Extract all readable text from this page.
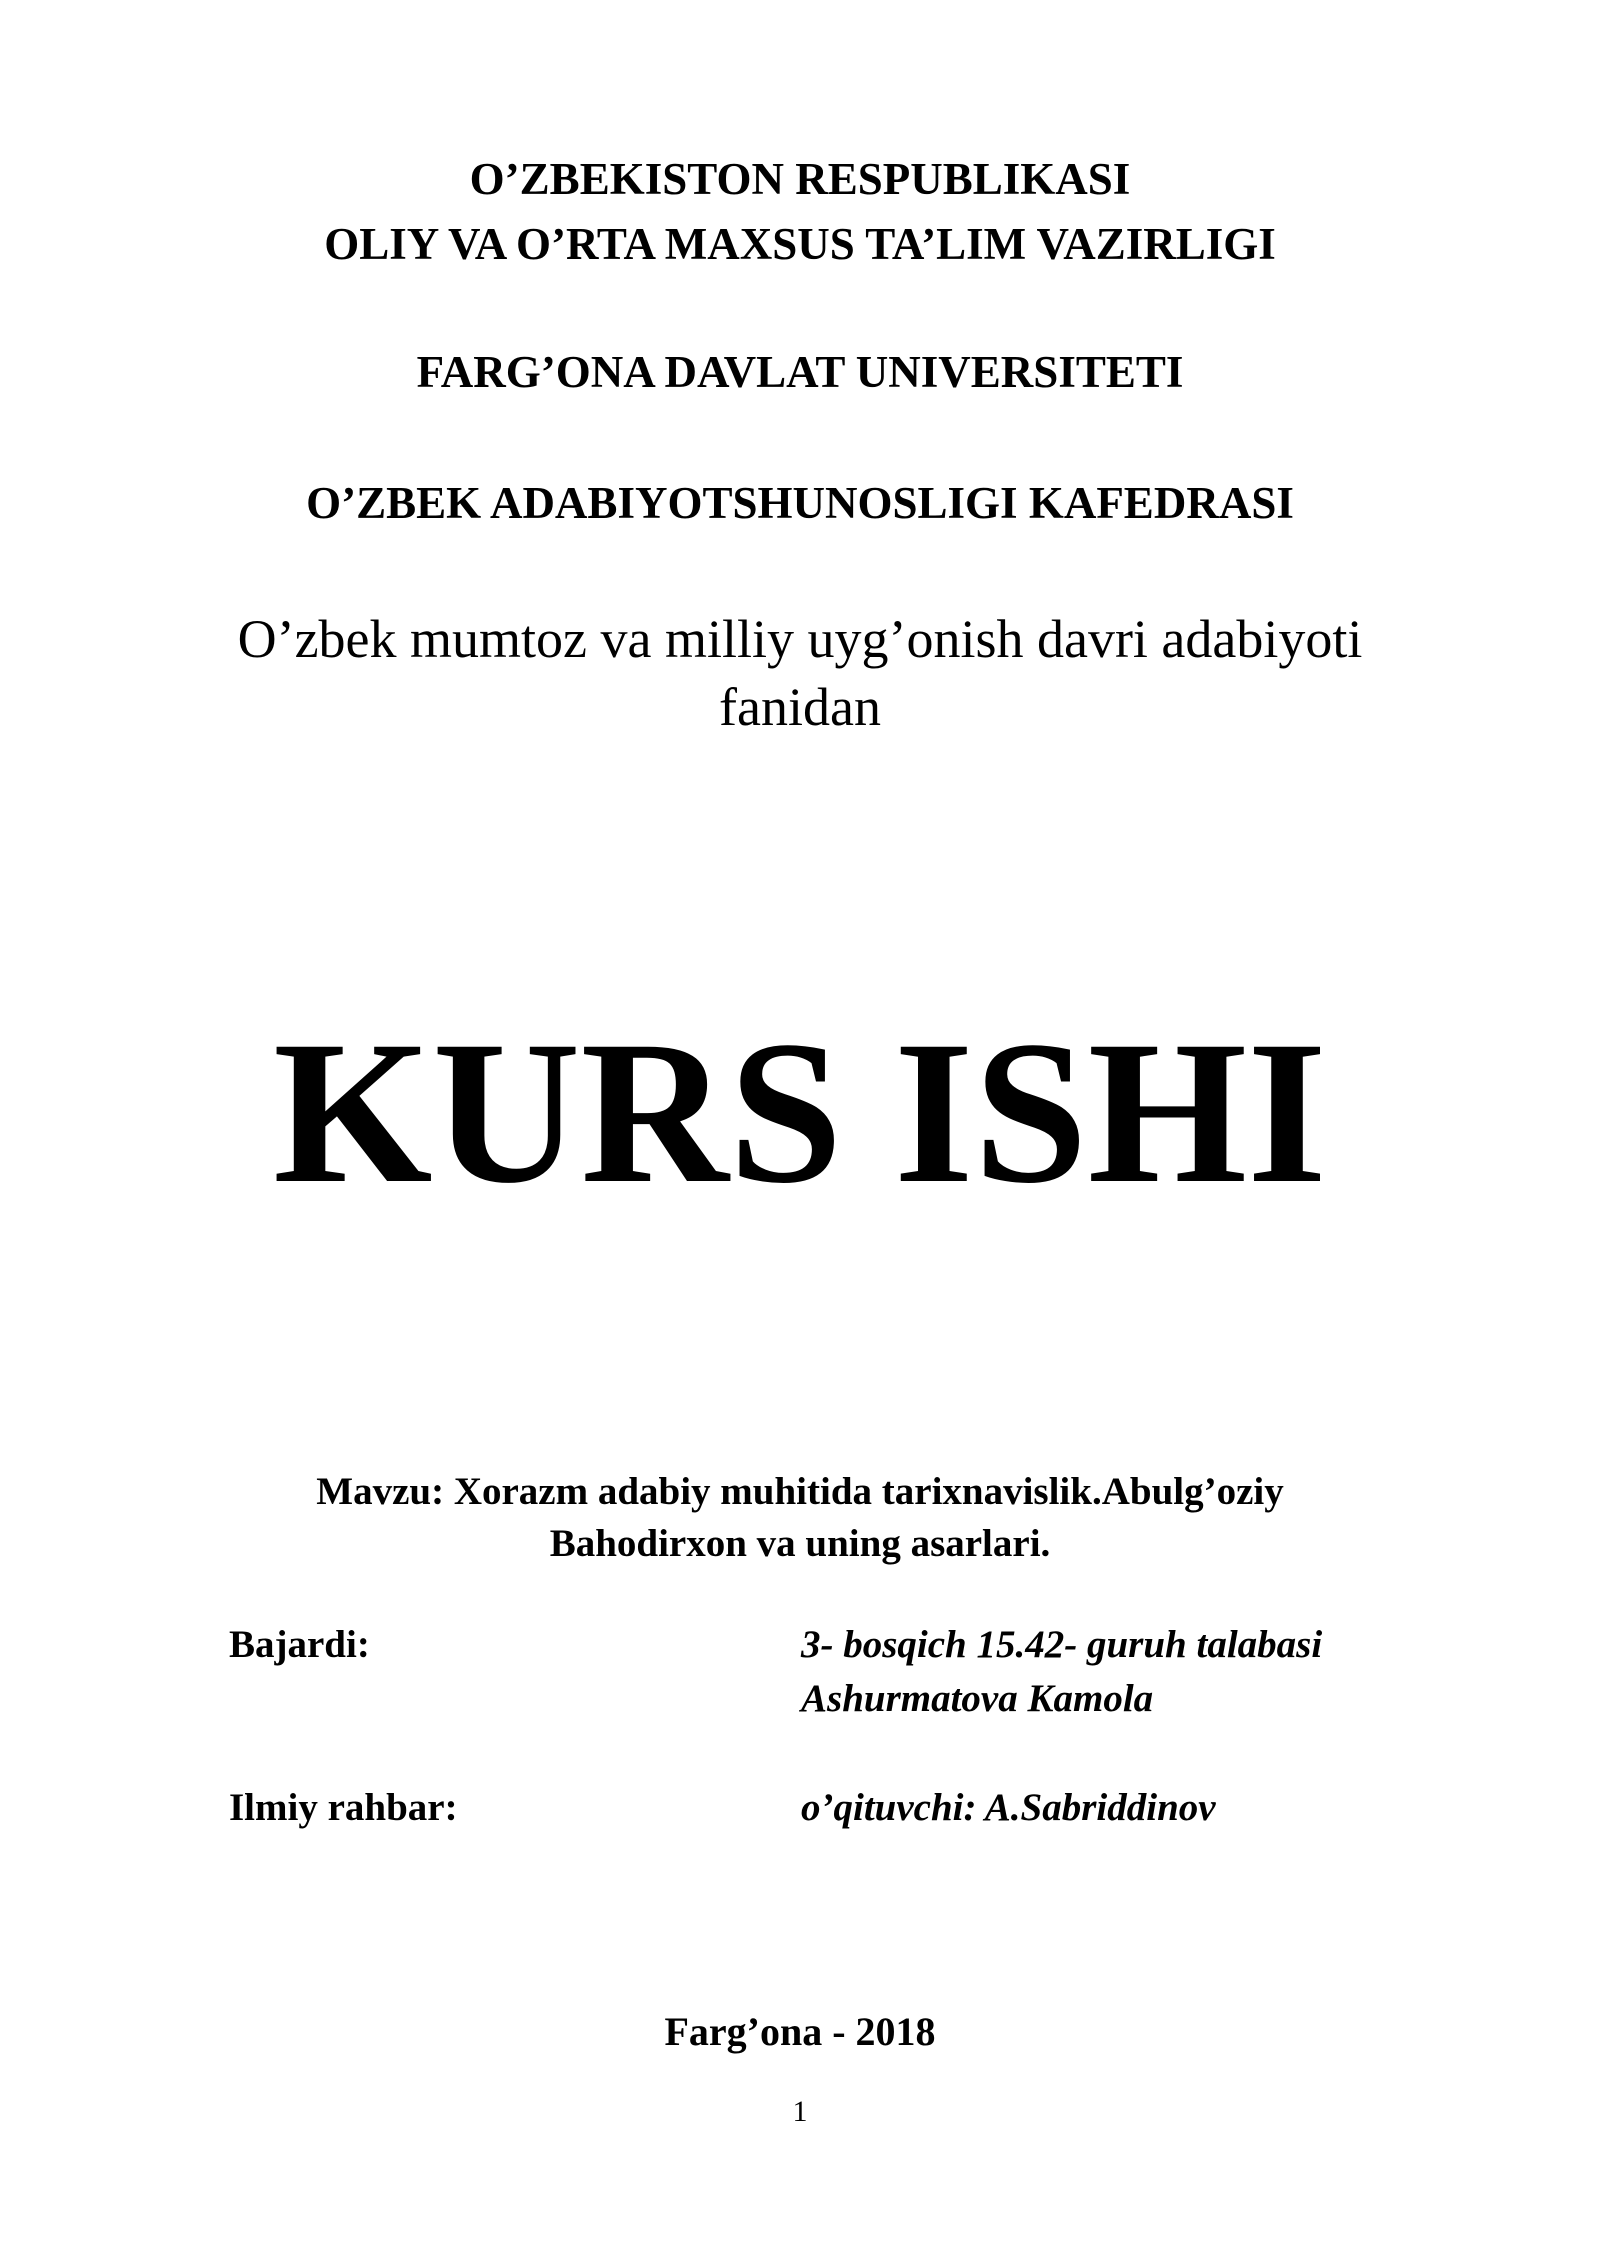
O’ZBEKISTON RESPUBLIKASI
OLIY VA O’RTA MAXSUS TA’LIM VAZIRLIGI
FARG’ONA DAVLAT UNIVERSITETI
O’ZBEK ADABIYOTSHUNOSLIGI KAFEDRASI
O’zbek mumtoz va milliy uyg’onish davri adabiyoti
fanidan
KURS ISHI
Mavzu: Xorazm adabiy muhitida tarixnavislik.Abulg’oziy
Bahodirxon va uning asarlari.
Bajardi:	3- bosqich 15.42- guruh talabasi
Ashurmatova Kamola
Ilmiy rahbar:	o’qituvchi: A.Sabriddinov
Farg’ona - 2018
1
